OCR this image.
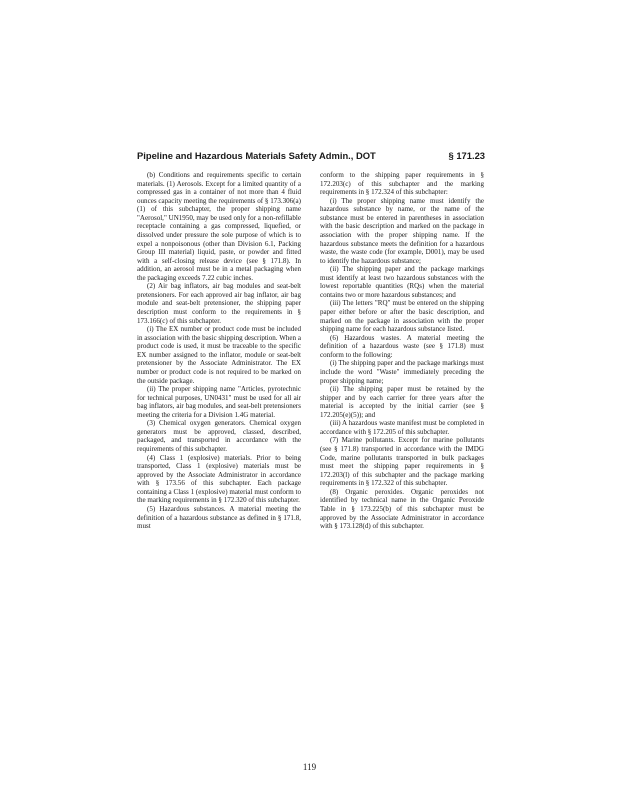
Pipeline and Hazardous Materials Safety Admin., DOT	§ 171.23

(b) Conditions and requirements specific to certain materials. (1) Aerosols. Except for a limited quantity of a compressed gas in a container of not more than 4 fluid ounces capacity meeting the requirements of § 173.306(a)(1) of this subchapter, the proper shipping name "Aerosol," UN1950, may be used only for a non-refillable receptacle containing a gas compressed, liquefied, or dissolved under pressure the sole purpose of which is to expel a nonpoisonous (other than Division 6.1, Packing Group III material) liquid, paste, or powder and fitted with a self-closing release device (see § 171.8). In addition, an aerosol must be in a metal packaging when the packaging exceeds 7.22 cubic inches.

(2) Air bag inflators, air bag modules and seat-belt pretensioners. For each approved air bag inflator, air bag module and seat-belt pretensioner, the shipping paper description must conform to the requirements in § 173.166(c) of this subchapter.

(i) The EX number or product code must be included in association with the basic shipping description. When a product code is used, it must be traceable to the specific EX number assigned to the inflator, module or seat-belt pretensioner by the Associate Administrator. The EX number or product code is not required to be marked on the outside package.

(ii) The proper shipping name "Articles, pyrotechnic for technical purposes, UN0431" must be used for all air bag inflators, air bag modules, and seat-belt pretensioners meeting the criteria for a Division 1.4G material.

(3) Chemical oxygen generators. Chemical oxygen generators must be approved, classed, described, packaged, and transported in accordance with the requirements of this subchapter.

(4) Class 1 (explosive) materials. Prior to being transported, Class 1 (explosive) materials must be approved by the Associate Administrator in accordance with § 173.56 of this subchapter. Each package containing a Class 1 (explosive) material must conform to the marking requirements in § 172.320 of this subchapter.

(5) Hazardous substances. A material meeting the definition of a hazardous substance as defined in § 171.8, must

conform to the shipping paper requirements in § 172.203(c) of this subchapter and the marking requirements in § 172.324 of this subchapter:

(i) The proper shipping name must identify the hazardous substance by name, or the name of the substance must be entered in parentheses in association with the basic description and marked on the package in association with the proper shipping name. If the hazardous substance meets the definition for a hazardous waste, the waste code (for example, D001), may be used to identify the hazardous substance;

(ii) The shipping paper and the package markings must identify at least two hazardous substances with the lowest reportable quantities (RQs) when the material contains two or more hazardous substances; and

(iii) The letters "RQ" must be entered on the shipping paper either before or after the basic description, and marked on the package in association with the proper shipping name for each hazardous substance listed.

(6) Hazardous wastes. A material meeting the definition of a hazardous waste (see § 171.8) must conform to the following:

(i) The shipping paper and the package markings must include the word "Waste" immediately preceding the proper shipping name;

(ii) The shipping paper must be retained by the shipper and by each carrier for three years after the material is accepted by the initial carrier (see § 172.205(e)(5)); and

(iii) A hazardous waste manifest must be completed in accordance with § 172.205 of this subchapter.

(7) Marine pollutants. Except for marine pollutants (see § 171.8) transported in accordance with the IMDG Code, marine pollutants transported in bulk packages must meet the shipping paper requirements in § 172.203(l) of this subchapter and the package marking requirements in § 172.322 of this subchapter.

(8) Organic peroxides. Organic peroxides not identified by technical name in the Organic Peroxide Table in § 173.225(b) of this subchapter must be approved by the Associate Administrator in accordance with § 173.128(d) of this subchapter.

119
